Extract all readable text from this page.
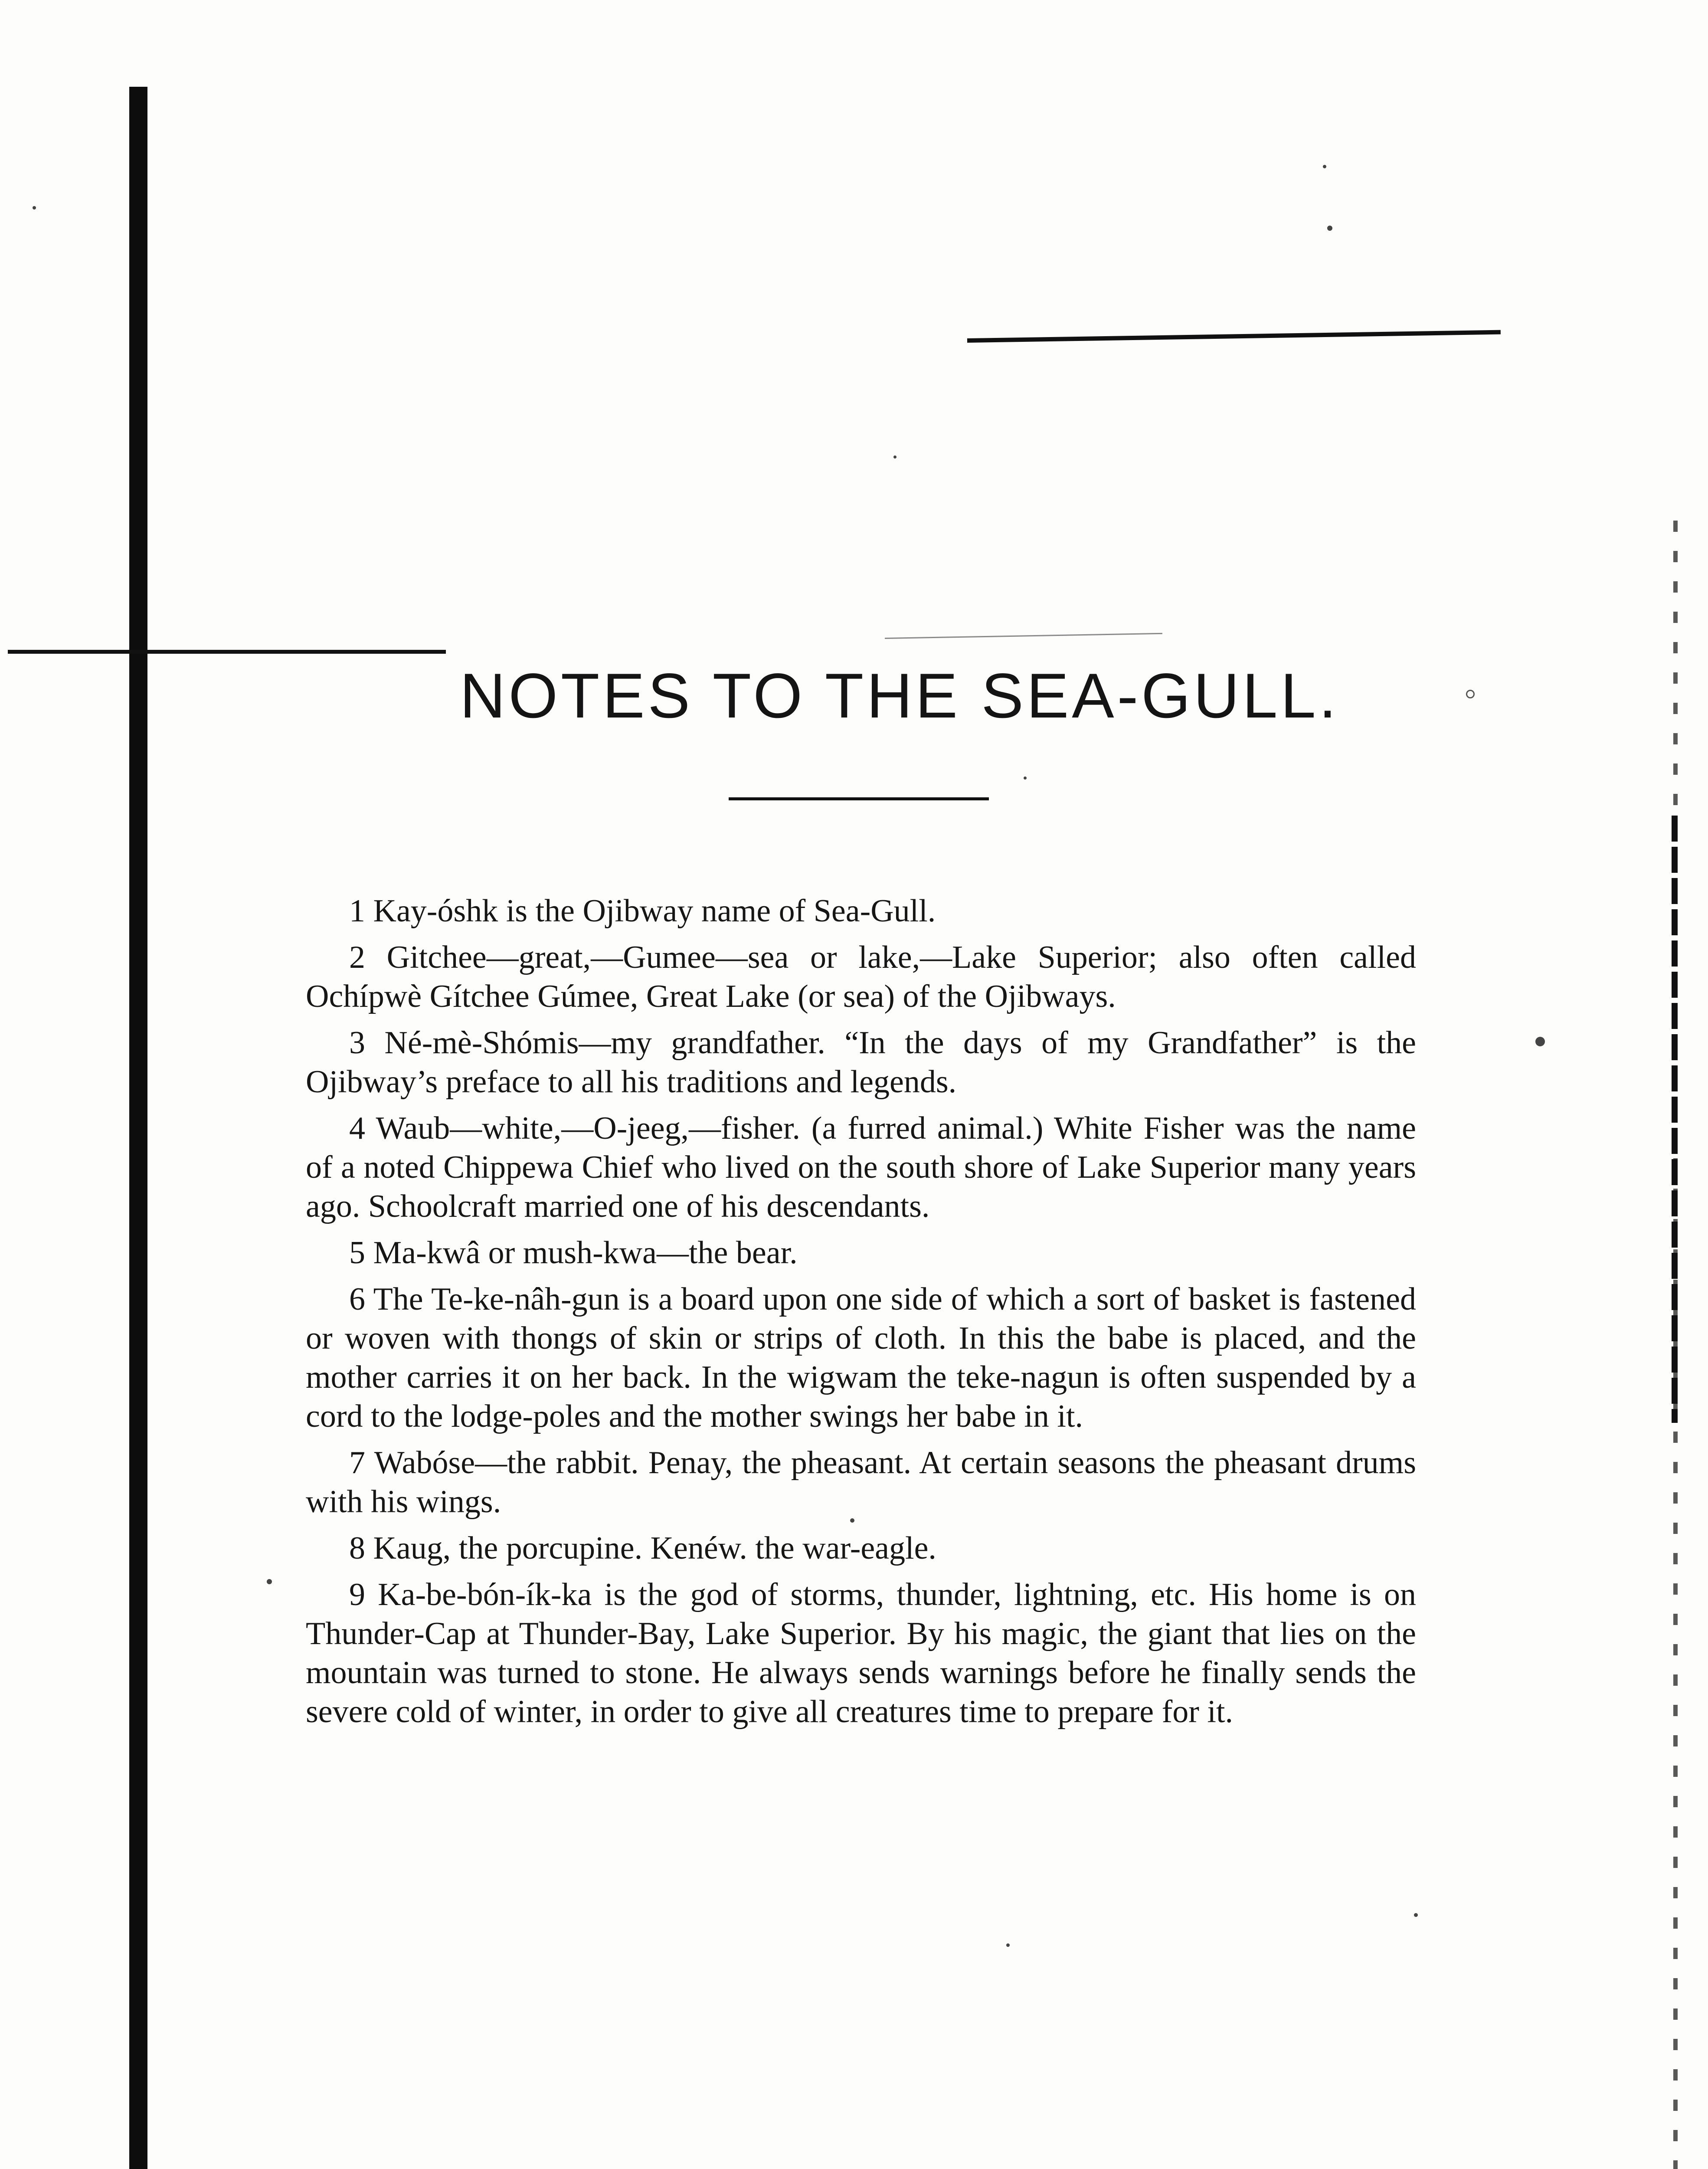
NOTES TO THE SEA-GULL.

1 Kay-óshk is the Ojibway name of Sea-Gull.

2 Gitchee—great,—Gumee—sea or lake,—Lake Superior; also often called Ochípwè Gítchee Gúmee, Great Lake (or sea) of the Ojibways.

3 Né-mè-Shómis—my grandfather. “In the days of my Grandfather” is the Ojibway’s preface to all his traditions and legends.

4 Waub—white,—O-jeeg,—fisher. (a furred animal.) White Fisher was the name of a noted Chippewa Chief who lived on the south shore of Lake Superior many years ago. Schoolcraft married one of his descendants.

5 Ma-kwâ or mush-kwa—the bear.

6 The Te-ke-nâh-gun is a board upon one side of which a sort of basket is fastened or woven with thongs of skin or strips of cloth. In this the babe is placed, and the mother carries it on her back. In the wigwam the teke-nagun is often suspended by a cord to the lodge-poles and the mother swings her babe in it.

7 Wabóse—the rabbit. Penay, the pheasant. At certain seasons the pheasant drums with his wings.

8 Kaug, the porcupine. Kenéw. the war-eagle.

9 Ka-be-bón-ík-ka is the god of storms, thunder, lightning, etc. His home is on Thunder-Cap at Thunder-Bay, Lake Superior. By his magic, the giant that lies on the mountain was turned to stone. He always sends warnings before he finally sends the severe cold of winter, in order to give all creatures time to prepare for it.
